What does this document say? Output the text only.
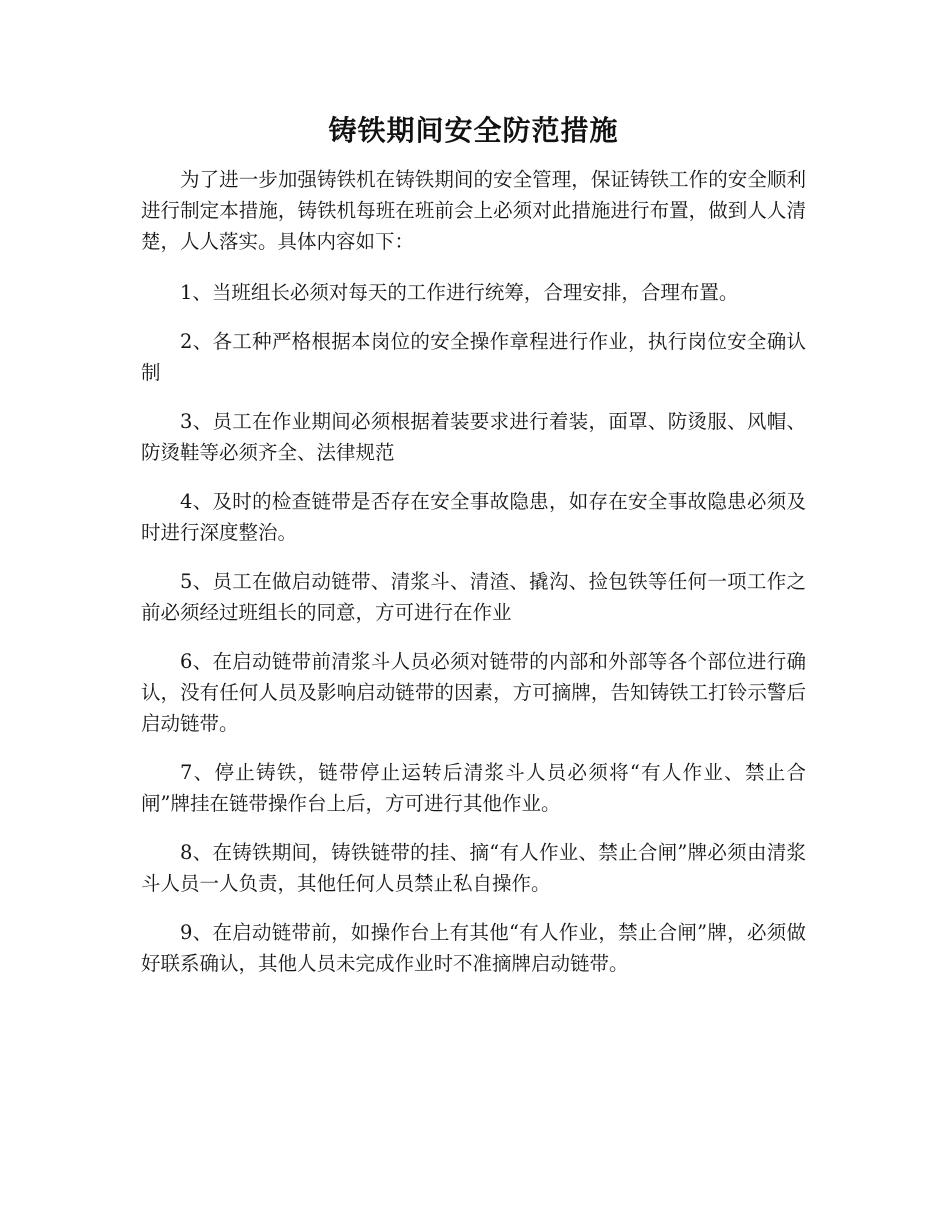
铸铁期间安全防范措施

为了进一步加强铸铁机在铸铁期间的安全管理，保证铸铁工作的安全顺利进行制定本措施，铸铁机每班在班前会上必须对此措施进行布置，做到人人清楚，人人落实。具体内容如下：

1、当班组长必须对每天的工作进行统筹，合理安排，合理布置。

2、各工种严格根据本岗位的安全操作章程进行作业，执行岗位安全确认制

3、员工在作业期间必须根据着装要求进行着装，面罩、防烫服、风帽、防烫鞋等必须齐全、法律规范

4、及时的检查链带是否存在安全事故隐患，如存在安全事故隐患必须及时进行深度整治。

5、员工在做启动链带、清浆斗、清渣、撬沟、捡包铁等任何一项工作之前必须经过班组长的同意，方可进行在作业

6、在启动链带前清浆斗人员必须对链带的内部和外部等各个部位进行确认，没有任何人员及影响启动链带的因素，方可摘牌，告知铸铁工打铃示警后启动链带。

7、停止铸铁，链带停止运转后清浆斗人员必须将“有人作业、禁止合闸”牌挂在链带操作台上后，方可进行其他作业。

8、在铸铁期间，铸铁链带的挂、摘“有人作业、禁止合闸”牌必须由清浆斗人员一人负责，其他任何人员禁止私自操作。

9、在启动链带前，如操作台上有其他“有人作业，禁止合闸”牌，必须做好联系确认，其他人员未完成作业时不准摘牌启动链带。
